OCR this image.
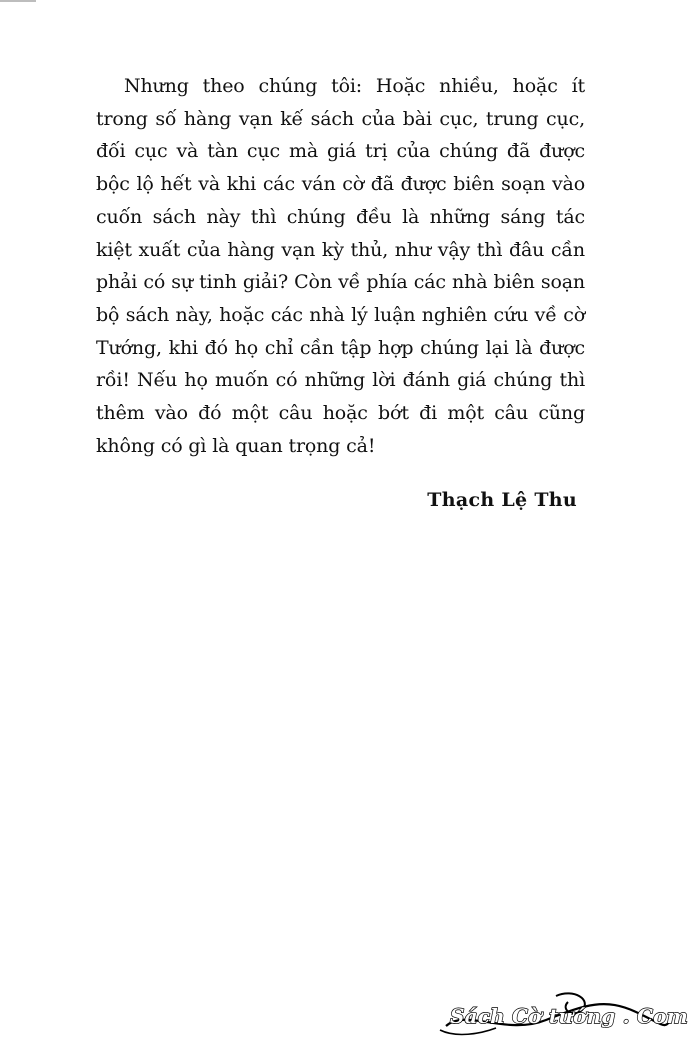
Nhưng theo chúng tôi: Hoặc nhiều, hoặc ít trong số hàng vạn kế sách của bài cục, trung cục, đối cục và tàn cục mà giá trị của chúng đã được bộc lộ hết và khi các ván cờ đã được biên soạn vào cuốn sách này thì chúng đều là những sáng tác kiệt xuất của hàng vạn kỳ thủ, như vậy thì đâu cần phải có sự tinh giải? Còn về phía các nhà biên soạn bộ sách này, hoặc các nhà lý luận nghiên cứu về cờ Tướng, khi đó họ chỉ cần tập hợp chúng lại là được rồi! Nếu họ muốn có những lời đánh giá chúng thì thêm vào đó một câu hoặc bớt đi một câu cũng không có gì là quan trọng cả!

Thạch Lệ Thu
Sách Cờ tướng . Com
